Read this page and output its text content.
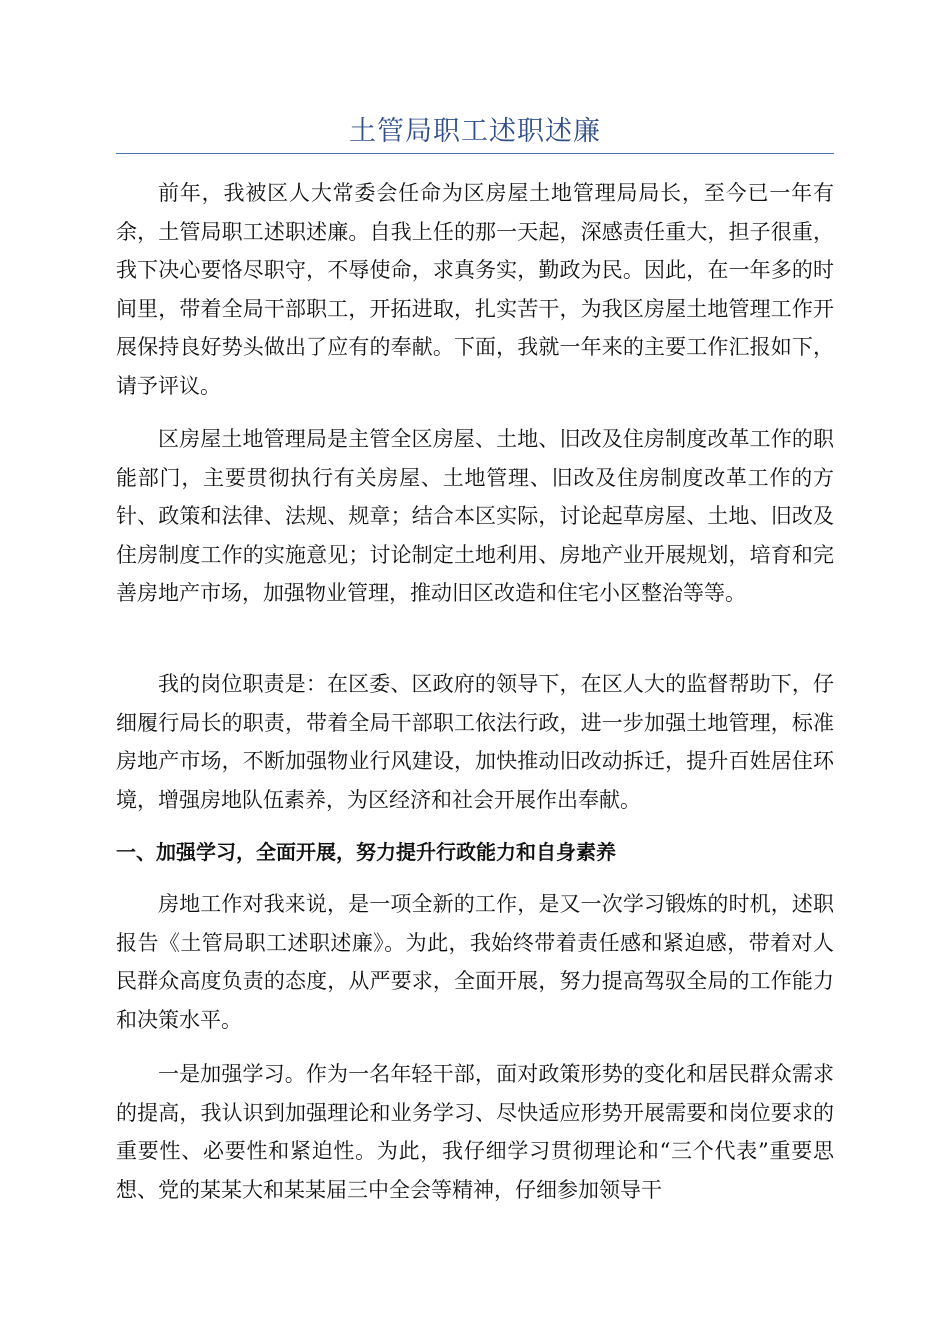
土管局职工述职述廉

前年，我被区人大常委会任命为区房屋土地管理局局长，至今已一年有余，土管局职工述职述廉。自我上任的那一天起，深感责任重大，担子很重，我下决心要恪尽职守，不辱使命，求真务实，勤政为民。因此，在一年多的时间里，带着全局干部职工，开拓进取，扎实苦干，为我区房屋土地管理工作开展保持良好势头做出了应有的奉献。下面，我就一年来的主要工作汇报如下，请予评议。

区房屋土地管理局是主管全区房屋、土地、旧改及住房制度改革工作的职能部门，主要贯彻执行有关房屋、土地管理、旧改及住房制度改革工作的方针、政策和法律、法规、规章；结合本区实际，讨论起草房屋、土地、旧改及住房制度工作的实施意见；讨论制定土地利用、房地产业开展规划，培育和完善房地产市场，加强物业管理，推动旧区改造和住宅小区整治等等。

我的岗位职责是：在区委、区政府的领导下，在区人大的监督帮助下，仔细履行局长的职责，带着全局干部职工依法行政，进一步加强土地管理，标准房地产市场，不断加强物业行风建设，加快推动旧改动拆迁，提升百姓居住环境，增强房地队伍素养，为区经济和社会开展作出奉献。

一、加强学习，全面开展，努力提升行政能力和自身素养

房地工作对我来说，是一项全新的工作，是又一次学习锻炼的时机，述职报告《土管局职工述职述廉》。为此，我始终带着责任感和紧迫感，带着对人民群众高度负责的态度，从严要求，全面开展，努力提高驾驭全局的工作能力和决策水平。

一是加强学习。作为一名年轻干部，面对政策形势的变化和居民群众需求的提高，我认识到加强理论和业务学习、尽快适应形势开展需要和岗位要求的重要性、必要性和紧迫性。为此，我仔细学习贯彻理论和“三个代表”重要思想、党的某某大和某某届三中全会等精神，仔细参加领导干
